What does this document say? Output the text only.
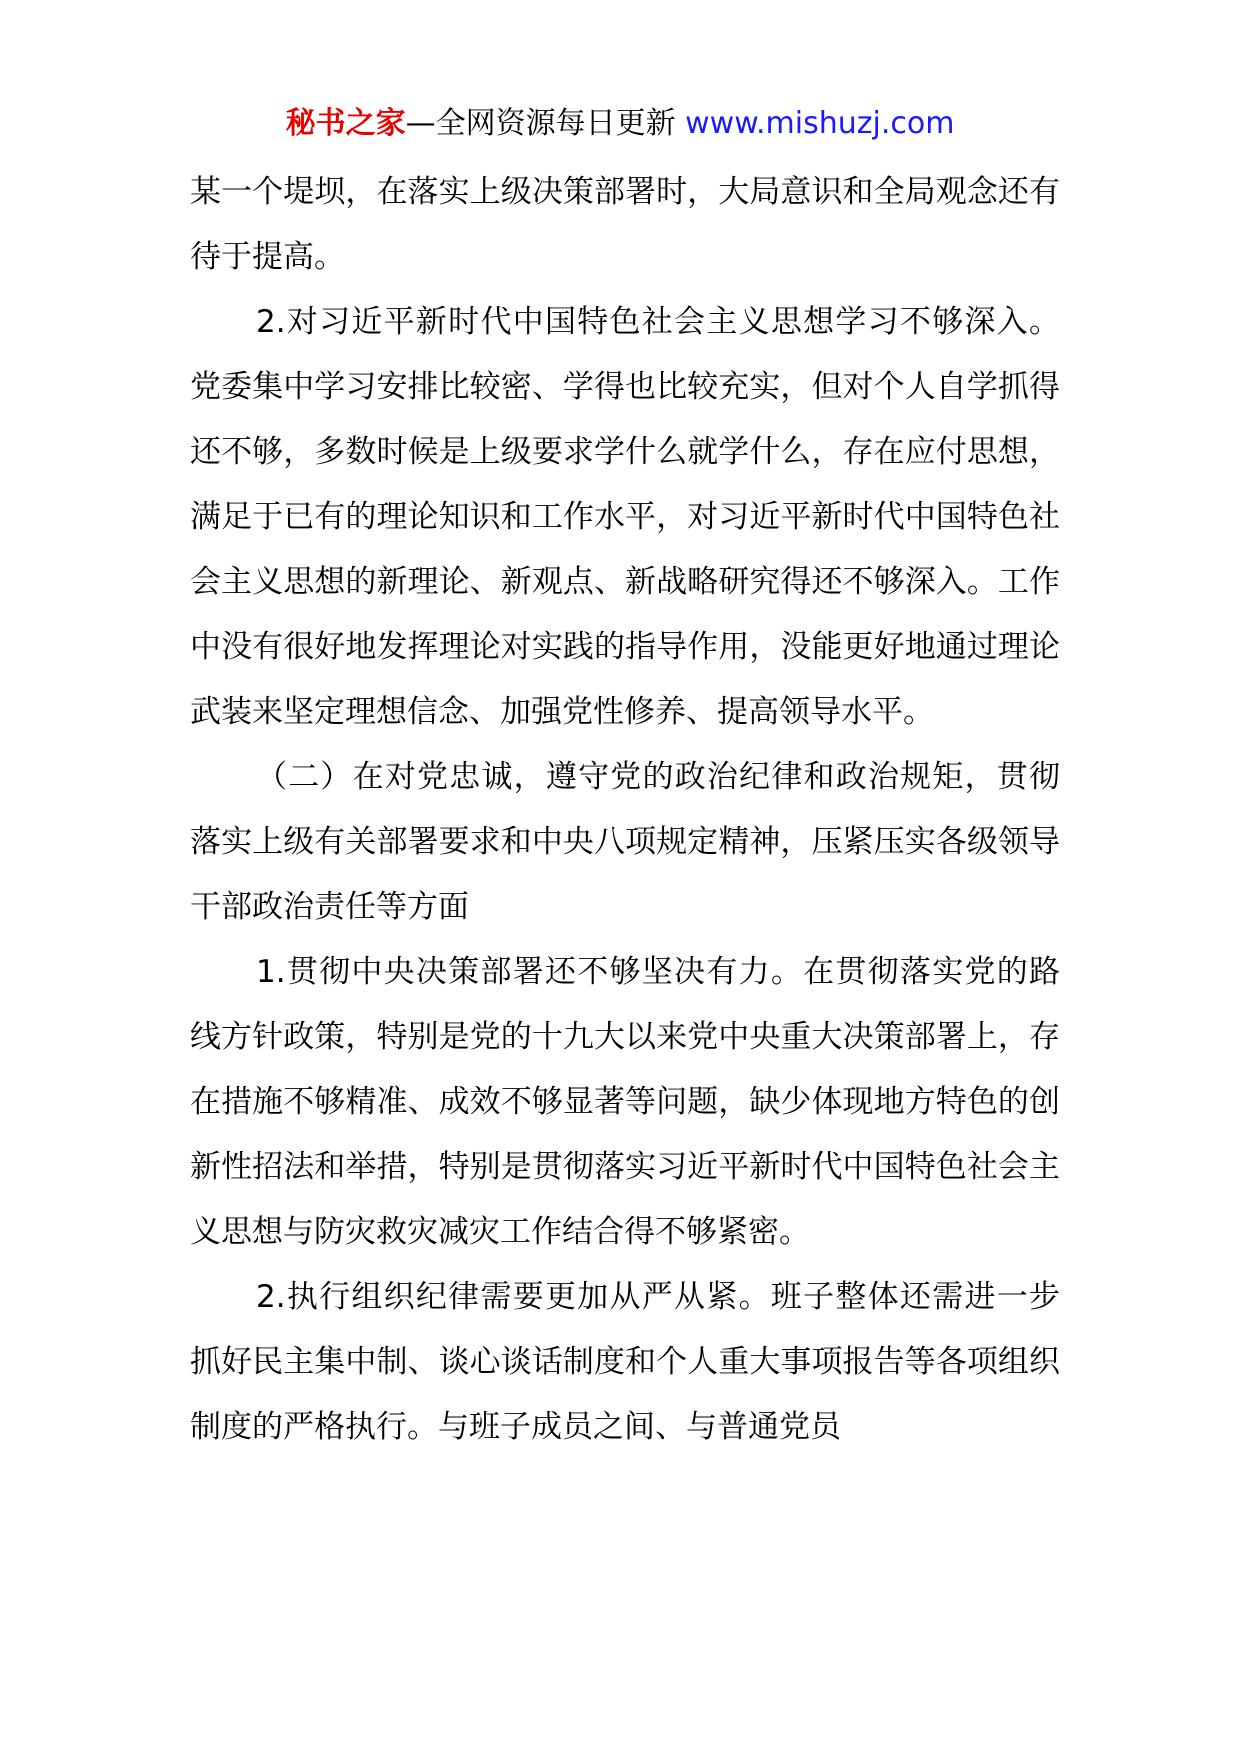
秘书之家—全网资源每日更新 www.mishuzj.com

某一个堤坝，在落实上级决策部署时，大局意识和全局观念还有待于提高。

2.对习近平新时代中国特色社会主义思想学习不够深入。党委集中学习安排比较密、学得也比较充实，但对个人自学抓得还不够，多数时候是上级要求学什么就学什么，存在应付思想，满足于已有的理论知识和工作水平，对习近平新时代中国特色社会主义思想的新理论、新观点、新战略研究得还不够深入。工作中没有很好地发挥理论对实践的指导作用，没能更好地通过理论武装来坚定理想信念、加强党性修养、提高领导水平。

（二）在对党忠诚，遵守党的政治纪律和政治规矩，贯彻落实上级有关部署要求和中央八项规定精神，压紧压实各级领导干部政治责任等方面

1.贯彻中央决策部署还不够坚决有力。在贯彻落实党的路线方针政策，特别是党的十九大以来党中央重大决策部署上，存在措施不够精准、成效不够显著等问题，缺少体现地方特色的创新性招法和举措，特别是贯彻落实习近平新时代中国特色社会主义思想与防灾救灾减灾工作结合得不够紧密。

2.执行组织纪律需要更加从严从紧。班子整体还需进一步抓好民主集中制、谈心谈话制度和个人重大事项报告等各项组织制度的严格执行。与班子成员之间、与普通党员
